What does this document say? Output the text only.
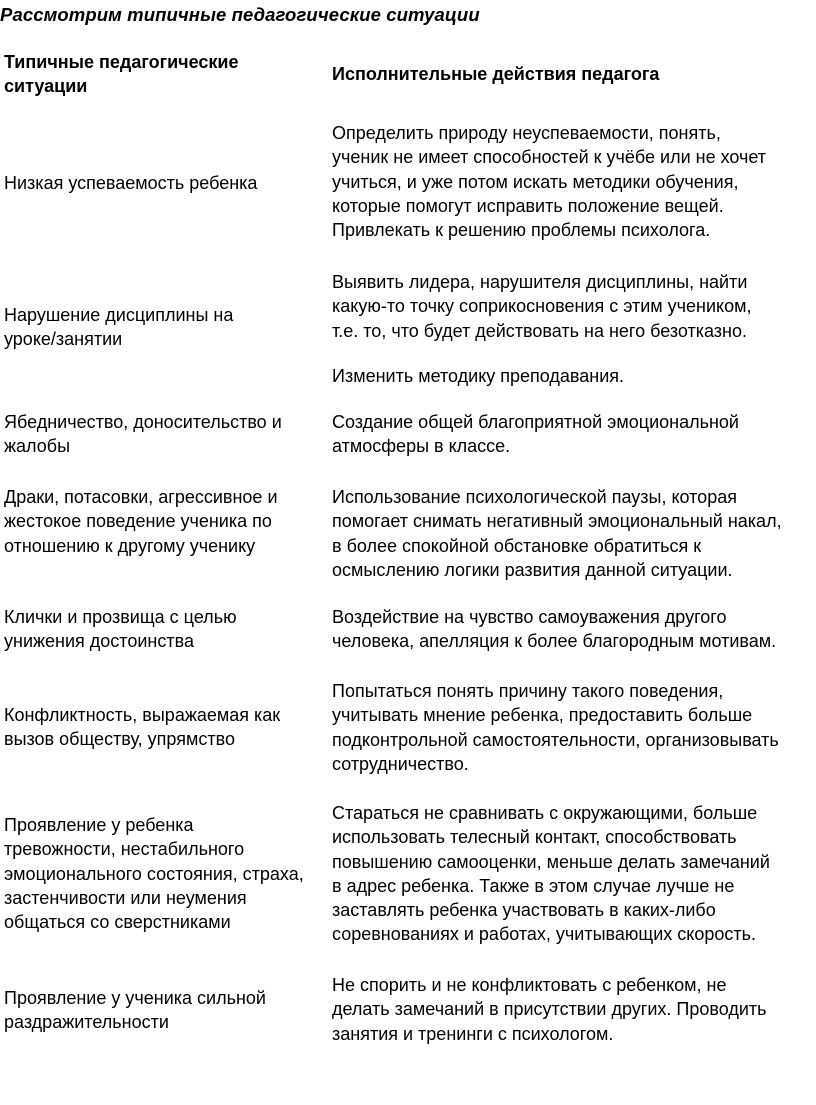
Рассмотрим типичные педагогические ситуации
Типичные педагогические
ситуации
Исполнительные действия педагога
Низкая успеваемость ребенка
Определить природу неуспеваемости, понять,
ученик не имеет способностей к учёбе или не хочет
учиться, и уже потом искать методики обучения,
которые помогут исправить положение вещей.
Привлекать к решению проблемы психолога.
Нарушение дисциплины на
уроке/занятии
Выявить лидера, нарушителя дисциплины, найти
какую-то точку соприкосновения с этим учеником,
т.е. то, что будет действовать на него безотказно.
Изменить методику преподавания.
Ябедничество, доносительство и
жалобы
Создание общей благоприятной эмоциональной
атмосферы в классе.
Драки, потасовки, агрессивное и
жестокое поведение ученика по
отношению к другому ученику
Использование психологической паузы, которая
помогает снимать негативный эмоциональный накал,
в более спокойной обстановке обратиться к
осмыслению логики развития данной ситуации.
Клички и прозвища с целью
унижения достоинства
Воздействие на чувство самоуважения другого
человека, апелляция к более благородным мотивам.
Конфликтность, выражаемая как
вызов обществу, упрямство
Попытаться понять причину такого поведения,
учитывать мнение ребенка, предоставить больше
подконтрольной самостоятельности, организовывать
сотрудничество.
Проявление у ребенка
тревожности, нестабильного
эмоционального состояния, страха,
застенчивости или неумения
общаться со сверстниками
Стараться не сравнивать с окружающими, больше
использовать телесный контакт, способствовать
повышению самооценки, меньше делать замечаний
в адрес ребенка. Также в этом случае лучше не
заставлять ребенка участвовать в каких-либо
соревнованиях и работах, учитывающих скорость.
Проявление у ученика сильной
раздражительности
Не спорить и не конфликтовать с ребенком, не
делать замечаний в присутствии других. Проводить
занятия и тренинги с психологом.
